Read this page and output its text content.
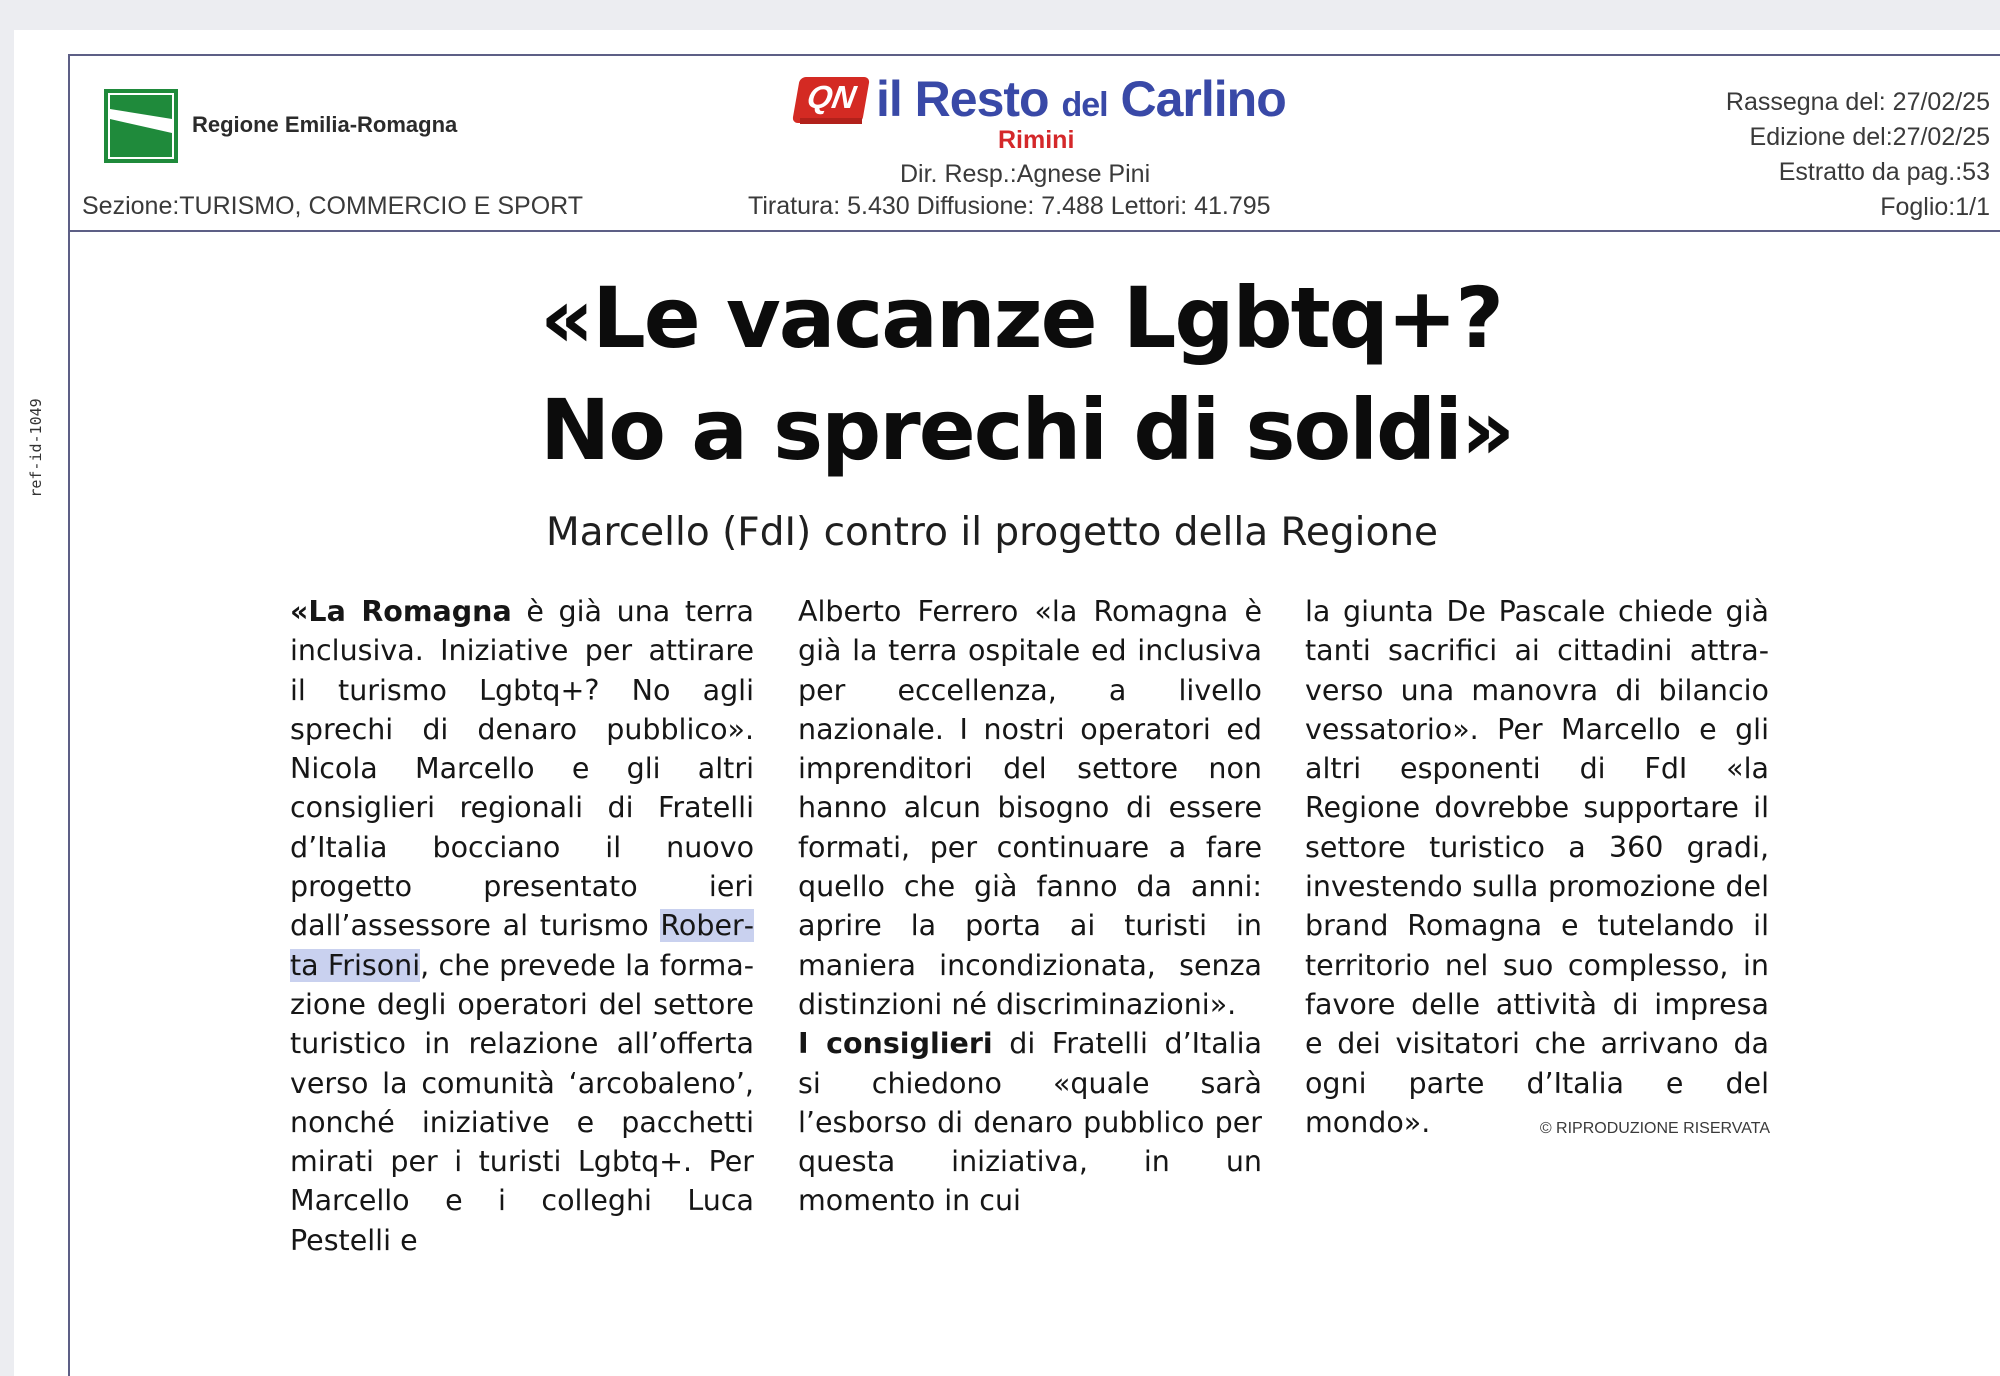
ref-id-1049
Regione Emilia-Romagna
Sezione:TURISMO, COMMERCIO E SPORT
QN il Resto del Carlino
Rimini
Dir. Resp.:Agnese Pini
Tiratura: 5.430 Diffusione: 7.488 Lettori: 41.795
Rassegna del: 27/02/25
Edizione del:27/02/25
Estratto da pag.:53
Foglio:1/1
«Le vacanze Lgbtq+?
No a sprechi di soldi»
Marcello (FdI) contro il progetto della Regione

«La Romagna è già una terra inclusiva. Iniziative per attirare il turismo Lgbtq+? No agli sprechi di denaro pubblico». Nicola Marcello e gli altri consiglieri regionali di Fratelli d’Italia bocciano il nuovo progetto presentato ieri dall’assessore al turismo Roberta Frisoni, che prevede la formazione degli operatori del settore turistico in relazione all’offerta verso la comunità ‘arcobaleno’, nonché iniziative e pacchetti mirati per i turisti Lgbtq+. Per Marcello e i colleghi Luca Pestelli e

Alberto Ferrero «la Romagna è già la terra ospitale ed inclusiva per eccellenza, a livello nazionale. I nostri operatori ed imprenditori del settore non hanno alcun bisogno di essere formati, per continuare a fare quello che già fanno da anni: aprire la porta ai turisti in maniera incondizionata, senza distinzioni né discriminazioni».

I consiglieri di Fratelli d’Italia si chiedono «quale sarà l’esborso di denaro pubblico per questa iniziativa, in un momento in cui

la giunta De Pascale chiede già tanti sacrifici ai cittadini attraverso una manovra di bilancio vessatorio». Per Marcello e gli altri esponenti di FdI «la Regione dovrebbe supportare il settore turistico a 360 gradi, investendo sulla promozione del brand Romagna e tutelando il territorio nel suo complesso, in favore delle attività di impresa e dei visitatori che arrivano da ogni parte d’Italia e del mondo».	© RIPRODUZIONE RISERVATA
